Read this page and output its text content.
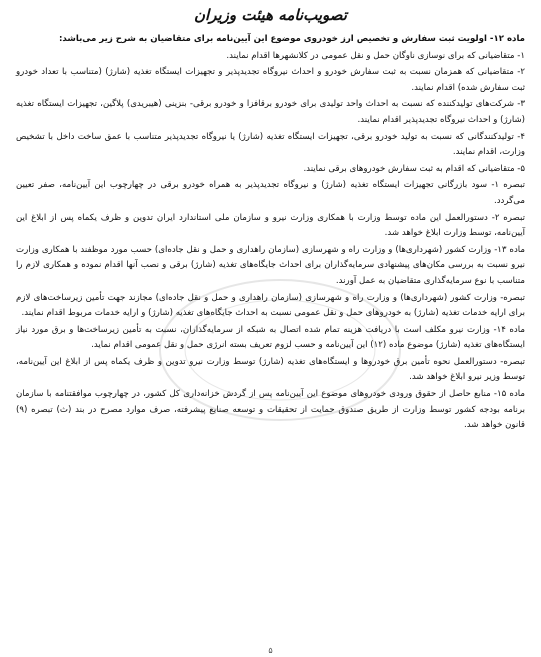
تصویب‌نامه هیئت وزیران

ماده ۱۲- اولویت ثبت سفارش و تخصیص ارز خودروی موضوع این آیین‌نامه برای متقاضیان به شرح زیر می‌باشد:

۱- متقاضیانی که برای نوسازی ناوگان حمل و نقل عمومی در کلانشهرها اقدام نمایند.

۲- متقاضیانی که همزمان نسبت به ثبت سفارش خودرو و احداث نیروگاه تجدیدپذیر و تجهیزات ایستگاه تغذیه (شارژ) (متناسب با تعداد خودرو ثبت سفارش شده) اقدام نمایند.

۳- شرکت‌های تولیدکننده که نسبت به احداث واحد تولیدی برای خودرو برقافزا و خودرو برقی- بنزینی (هیبریدی) پلاگین، تجهیزات ایستگاه تغذیه (شارژ) و احداث نیروگاه تجدیدپذیر اقدام نمایند.

۴- تولیدکنندگانی که نسبت به تولید خودرو برقی، تجهیزات ایستگاه تغذیه (شارژ) یا نیروگاه تجدیدپذیر متناسب با عمق ساخت داخل با تشخیص وزارت، اقدام نمایند.

۵- متقاضیانی که اقدام به ثبت سفارش خودروهای برقی نمایند.

تبصره ۱- سود بازرگانی تجهیزات ایستگاه تغذیه (شارژ) و نیروگاه تجدیدپذیر به همراه خودرو برقی در چهارچوب این آیین‌نامه، صفر تعیین می‌گردد.

تبصره ۲- دستورالعمل این ماده توسط وزارت با همکاری وزارت نیرو و سازمان ملی استاندارد ایران تدوین و ظرف یکماه پس از ابلاغ این آیین‌نامه، توسط وزارت ابلاغ خواهد شد.

ماده ۱۳- وزارت کشور (شهرداری‌ها) و وزارت راه و شهرسازی (سازمان راهداری و حمل و نقل جاده‌ای) حسب مورد موظفند با همکاری وزارت نیرو نسبت به بررسی مکان‌های پیشنهادی سرمایه‌گذاران برای احداث جایگاه‌های تغذیه (شارژ) برقی و نصب آنها اقدام نموده و همکاری لازم را متناسب با نوع سرمایه‌گذاری متقاضیان به عمل آورند.

تبصره- وزارت کشور (شهرداری‌ها) و وزارت راه و شهرسازی (سازمان راهداری و حمل و نقل جاده‌ای) مجازند جهت تأمین زیرساخت‌های لازم برای ارایه خدمات تغذیه (شارژ) به خودروهای حمل و نقل عمومی نسبت به احداث جایگاه‌های تغذیه (شارژ) و ارایه خدمات مربوط اقدام نمایند.

ماده ۱۴- وزارت نیرو مکلف است با دریافت هزینه تمام شده اتصال به شبکه از سرمایه‌گذاران، نسبت به تأمین زیرساخت‌ها و برق مورد نیاز ایستگاه‌های تغذیه (شارژ) موضوع ماده (۱۲) این آیین‌نامه و حسب لزوم تعریف بسته انرژی حمل و نقل عمومی اقدام نماید.

تبصره- دستورالعمل نحوه تأمین برق خودروها و ایستگاه‌های تغذیه (شارژ) توسط وزارت نیرو تدوین و ظرف یکماه پس از ابلاغ این آیین‌نامه، توسط وزیر نیرو ابلاغ خواهد شد.

ماده ۱۵- منابع حاصل از حقوق ورودی خودروهای موضوع این آیین‌نامه پس از گردش خزانه‌داری کل کشور، در چهارچوب موافقتنامه با سازمان برنامه بودجه کشور توسط وزارت از طریق صندوق حمایت از تحقیقات و توسعه صنایع پیشرفته، صرف موارد مصرح در بند (ث) تبصره (۹) قانون خواهد شد.

۵
